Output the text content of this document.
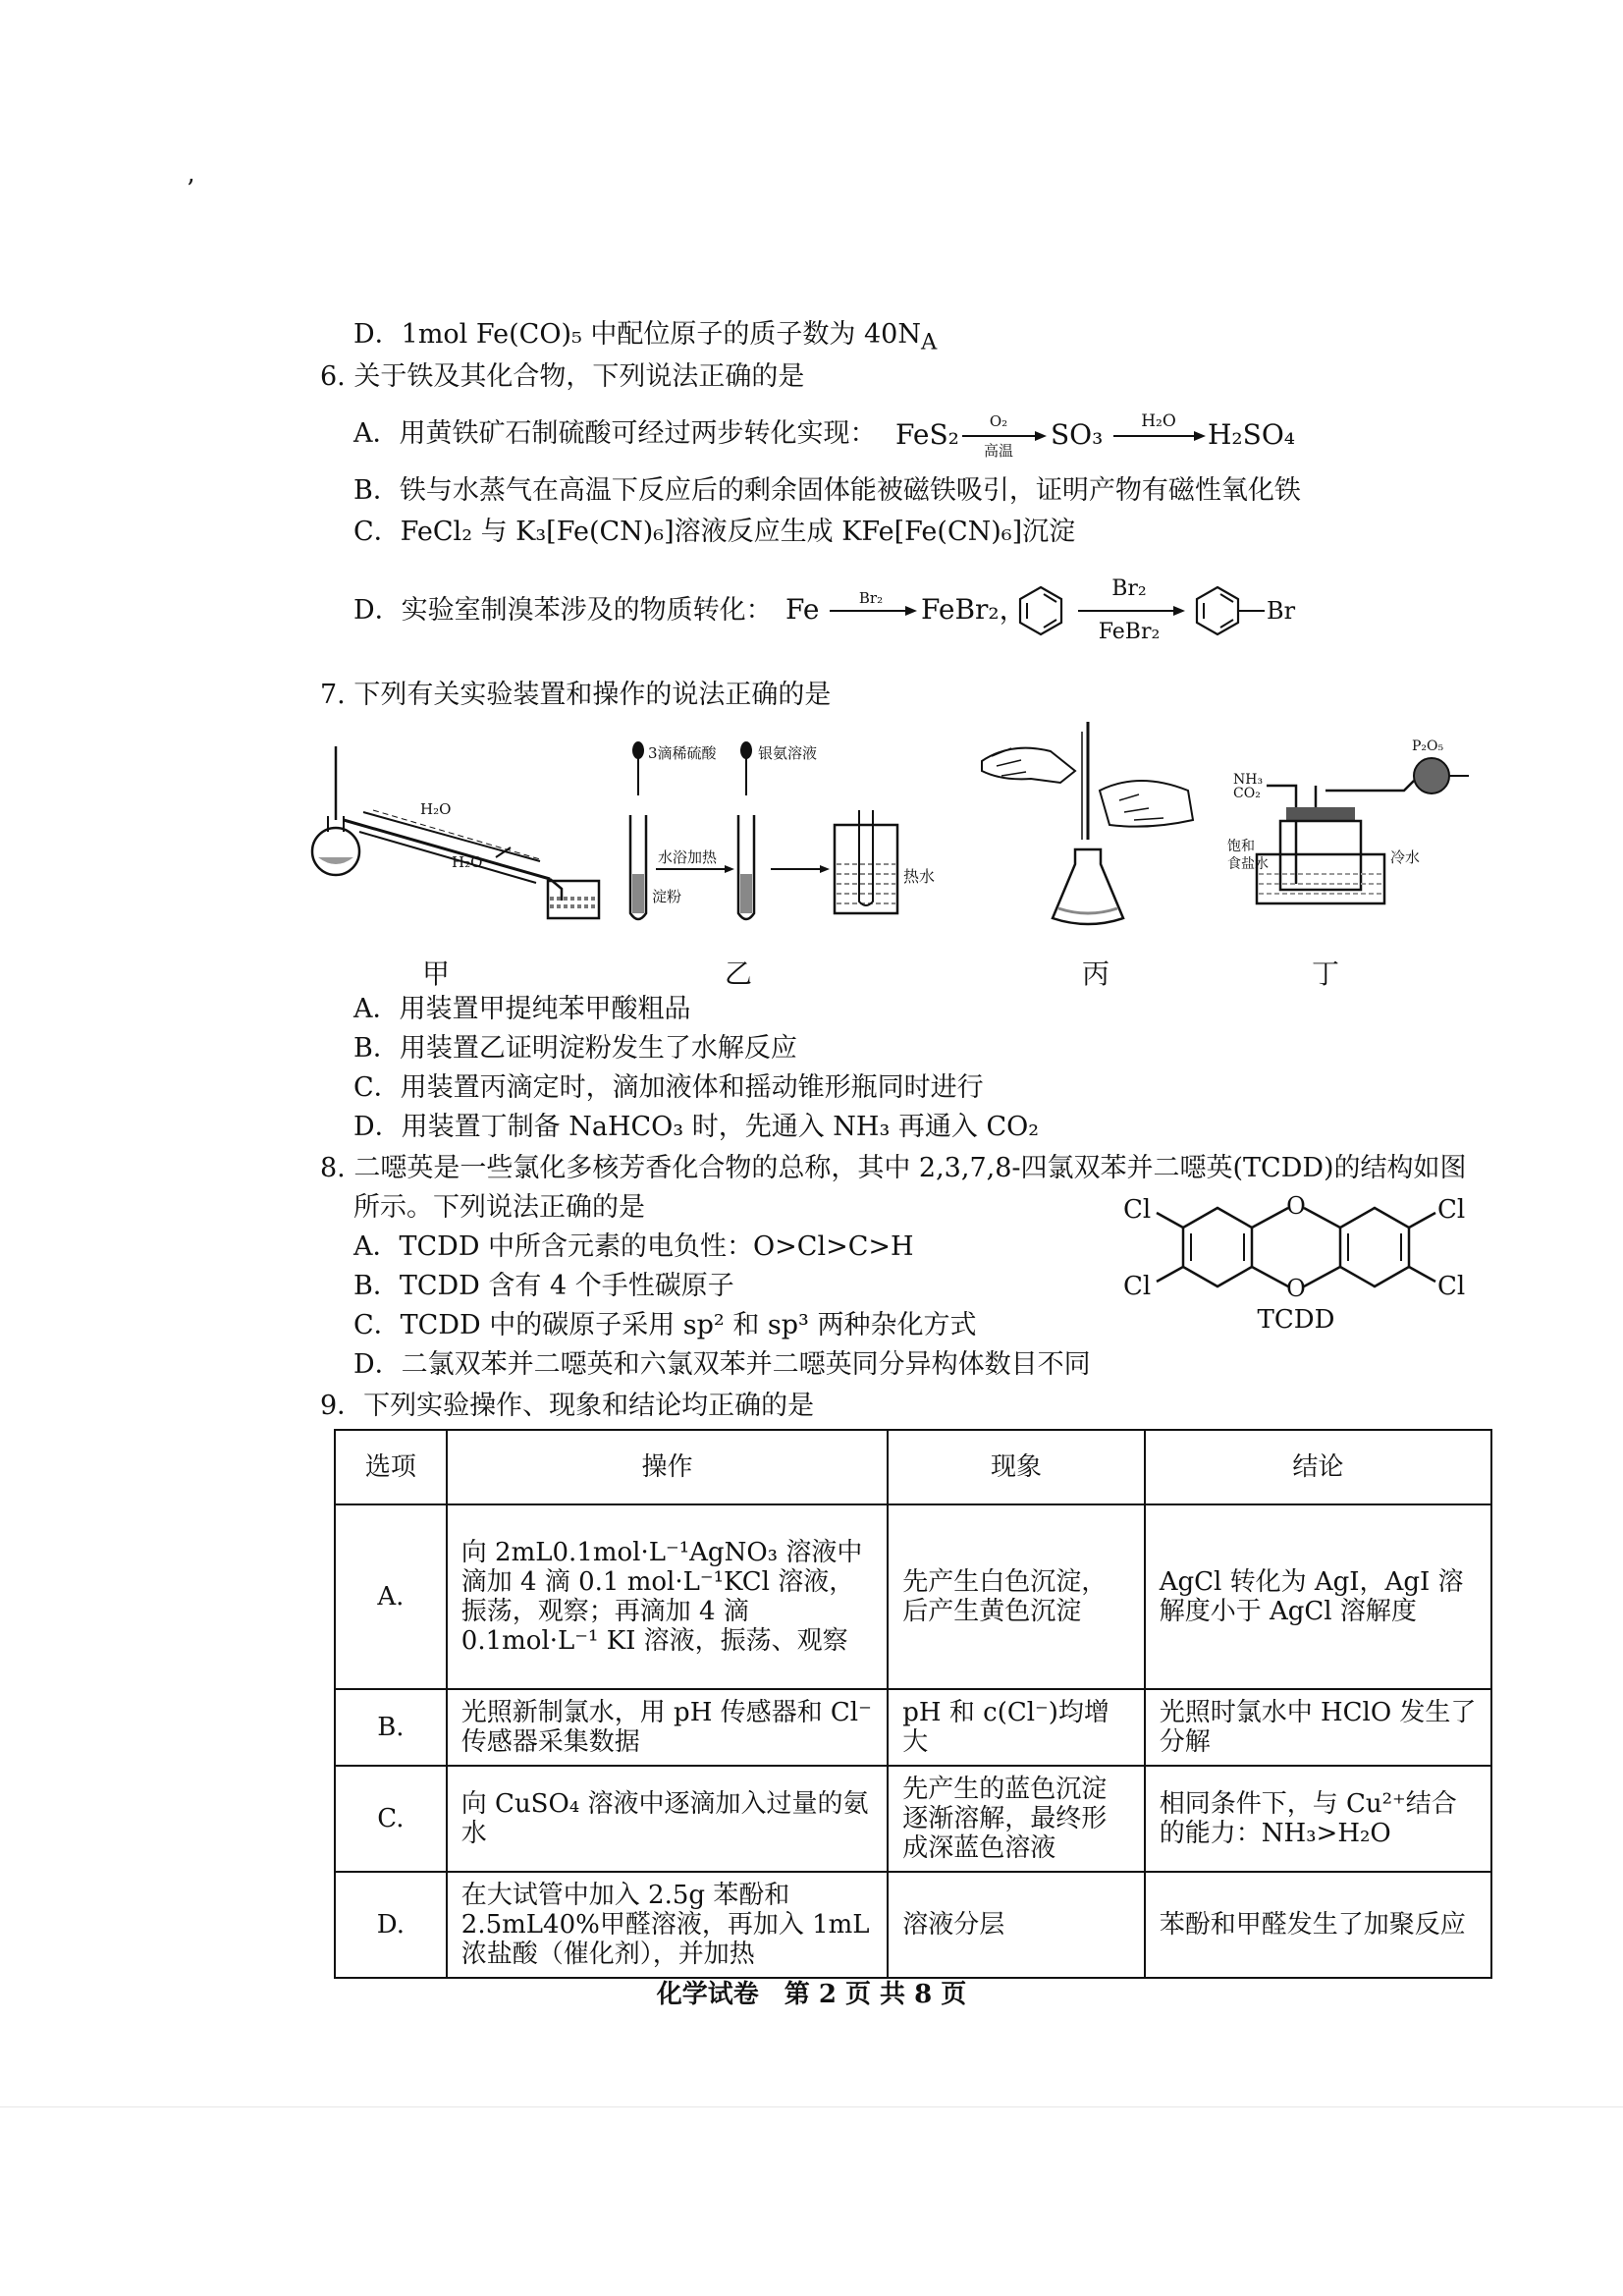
’
D．1mol Fe(CO)₅ 中配位原子的质子数为 $40N_A$
6. 关于铁及其化合物，下列说法正确的是
A．用黄铁矿石制硫酸可经过两步转化实现： FeS₂ O₂
高温 SO₃ H₂O H₂SO₄
B．铁与水蒸气在高温下反应后的剩余固体能被磁铁吸引，证明产物有磁性氧化铁
C．FeCl₂ 与 K₃[Fe(CN)₆]溶液反应生成 KFe[Fe(CN)₆]沉淀
D．实验室制溴苯涉及的物质转化： Fe	Br₂ FeBr₂，
Br₂
FeBr₂
Br
7. 下列有关实验装置和操作的说法正确的是
H₂O
H₂O
甲
3滴稀硫酸
淀粉
银氨溶液
水浴加热
热水
乙	丙
NH₃
CO₂
P₂O₅
饱和
食盐水	冷水
丁
A．用装置甲提纯苯甲酸粗品
B．用装置乙证明淀粉发生了水解反应
C．用装置丙滴定时，滴加液体和摇动锥形瓶同时进行
D．用装置丁制备 NaHCO₃ 时，先通入 NH₃ 再通入 CO₂
8. 二噁英是一些氯化多核芳香化合物的总称，其中 2,3,7,8-四氯双苯并二噁英(TCDD)的结构如图
所示。下列说法正确的是
A．TCDD 中所含元素的电负性：O>Cl>C>H
B．TCDD 含有 4 个手性碳原子
C．TCDD 中的碳原子采用 sp² 和 sp³ 两种杂化方式
D．二氯双苯并二噁英和六氯双苯并二噁英同分异构体数目不同
O
O
Cl
Cl
Cl
Cl
TCDD
9．下列实验操作、现象和结论均正确的是
选项	操作	现象	结论
A.	向 2mL0.1mol·L⁻¹AgNO₃ 溶液中滴加 4 滴 0.1 mol·L⁻¹KCl 溶液，振荡，观察；再滴加 4 滴 0.1mol·L⁻¹ KI 溶液，振荡、观察	先产生白色沉淀，后产生黄色沉淀	AgCl 转化为 AgI，AgI 溶解度小于 AgCl 溶解度
B.	光照新制氯水，用 pH 传感器和 Cl⁻传感器采集数据	pH 和 c(Cl⁻)均增大	光照时氯水中 HClO 发生了分解
C.	向 CuSO₄ 溶液中逐滴加入过量的氨水	先产生的蓝色沉淀逐渐溶解，最终形成深蓝色溶液	相同条件下，与 Cu²⁺结合的能力：NH₃>H₂O
D.	在大试管中加入 2.5g 苯酚和 2.5mL40%甲醛溶液，再加入 1mL 浓盐酸（催化剂），并加热	溶液分层	苯酚和甲醛发生了加聚反应
化学试卷　第 2 页 共 8 页
